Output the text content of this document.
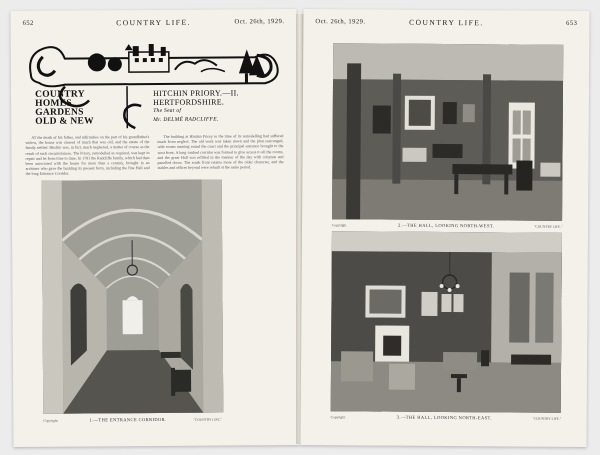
652	COUNTRY LIFE.	Oct. 26th, 1929.
COUNTRY
HOMES
GARDENS
OLD & NEW
HITCHIN PRIORY.—II.
HERTFORDSHIRE.
The Seat of
Mr. DELMÉ RADCLIFFE.

AT the death of his father, and infirmities on the part of his grandfather's widow, the house was cleared of much that was old, and the estate of the family settled. Hitchin was, in fact, much neglected, a matter of course as the result of such circumstances. The Priory, remodelled as required, was kept in repair and let from time to time. In 1781 the Radcliffe family, which had then been associated with the house for more than a century, brought in an architect who gave the building its present form, including the fine Hall and the long Entrance Corridor.

The building at Hitchin Priory to the time of its remodelling had suffered much from neglect. The old work was taken down and the plan rearranged, with rooms running round the court and the principal entrance brought to the west front. A long vaulted corridor was formed to give access to all the rooms, and the great Hall was refitted in the manner of the day with columns and panelled doors. The south front retains more of the older character, and the stables and offices beyond were rebuilt at the same period.

1.—THE ENTRANCE CORRIDOR.
Copyright.	"COUNTRY LIFE."
Oct. 26th, 1929.	COUNTRY LIFE.	653
2.—THE HALL, LOOKING NORTH-WEST.
Copyright.	"COUNTRY LIFE."
3.—THE HALL, LOOKING NORTH-EAST.
Copyright.	"COUNTRY LIFE."
